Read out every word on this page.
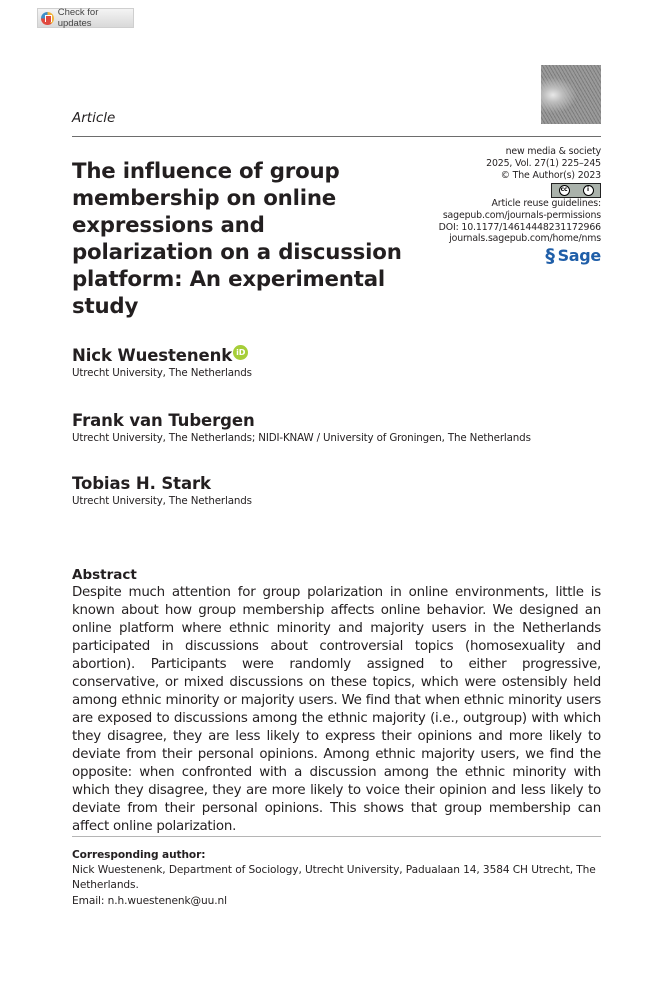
Check for updates
Article
new media & society
2025, Vol. 27(1) 225–245
© The Author(s) 2023
cc	i
Article reuse guidelines:
sagepub.com/journals-permissions
DOI: 10.1177/14614448231172966
journals.sagepub.com/home/nms
§ Sage
The influence of group membership on online expressions and polarization on a discussion platform: An experimental study
Nick Wuestenenk iD
Utrecht University, The Netherlands
Frank van Tubergen
Utrecht University, The Netherlands; NIDI-KNAW / University of Groningen, The Netherlands
Tobias H. Stark
Utrecht University, The Netherlands
Abstract

Despite much attention for group polarization in online environments, little is known about how group membership affects online behavior. We designed an online platform where ethnic minority and majority users in the Netherlands participated in discussions about controversial topics (homosexuality and abortion). Participants were randomly assigned to either progressive, conservative, or mixed discussions on these topics, which were ostensibly held among ethnic minority or majority users. We find that when ethnic minority users are exposed to discussions among the ethnic majority (i.e., outgroup) with which they disagree, they are less likely to express their opinions and more likely to deviate from their personal opinions. Among ethnic majority users, we find the opposite: when confronted with a discussion among the ethnic minority with which they disagree, they are more likely to voice their opinion and less likely to deviate from their personal opinions. This shows that group membership can affect online polarization.

Corresponding author:
Nick Wuestenenk, Department of Sociology, Utrecht University, Padualaan 14, 3584 CH Utrecht, The Netherlands.
Email: n.h.wuestenenk@uu.nl
